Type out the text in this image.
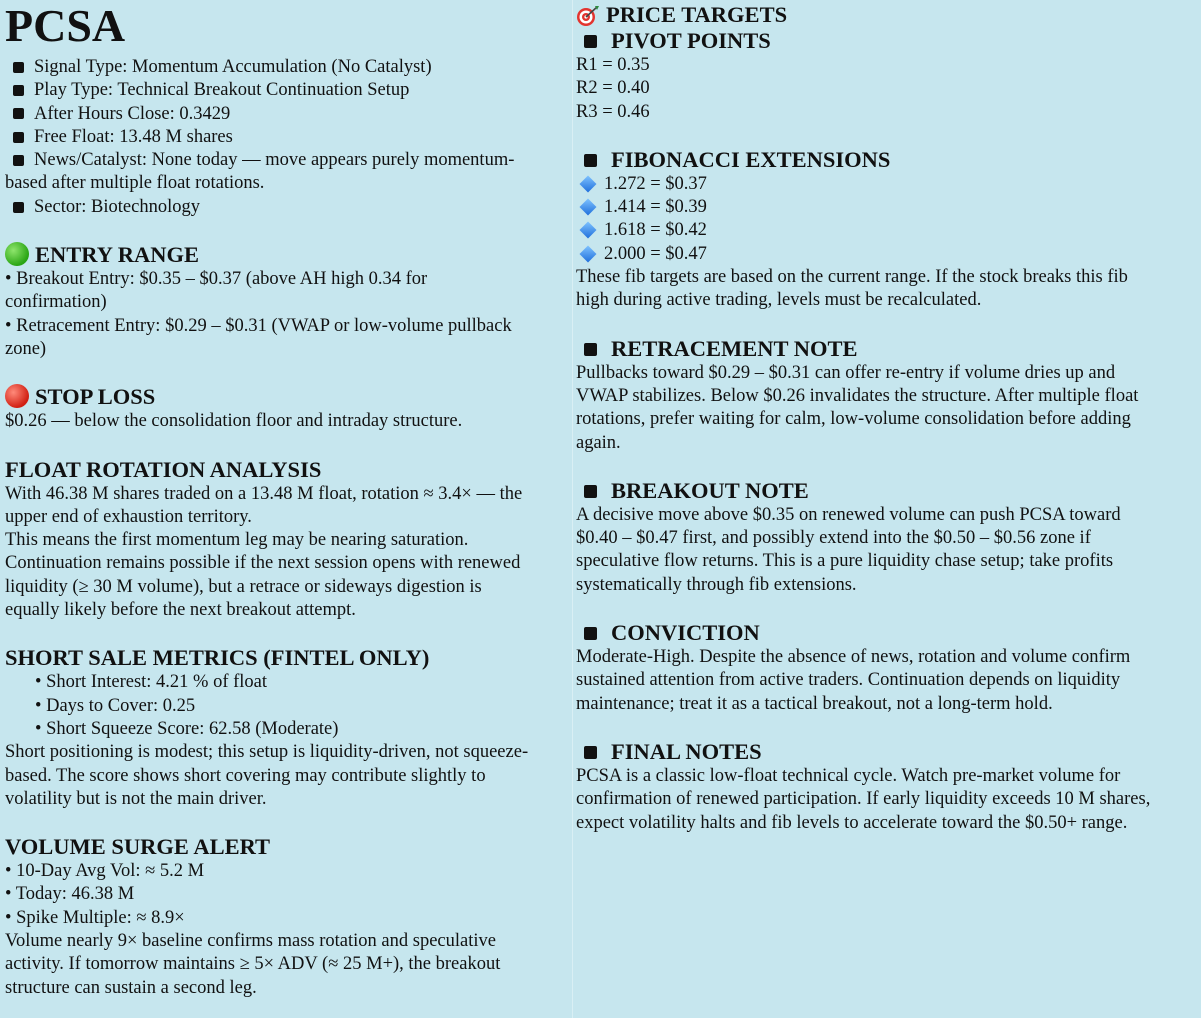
PCSA
Signal Type: Momentum Accumulation (No Catalyst)
Play Type: Technical Breakout Continuation Setup
After Hours Close: 0.3429
Free Float: 13.48 M shares
News/Catalyst: None today — move appears purely momentum-
based after multiple float rotations.
Sector: Biotechnology
ENTRY RANGE
• Breakout Entry: $0.35 – $0.37 (above AH high 0.34 for
confirmation)
• Retracement Entry: $0.29 – $0.31 (VWAP or low-volume pullback
zone)
STOP LOSS
$0.26 — below the consolidation floor and intraday structure.
FLOAT ROTATION ANALYSIS
With 46.38 M shares traded on a 13.48 M float, rotation ≈ 3.4× — the
upper end of exhaustion territory.
This means the first momentum leg may be nearing saturation.
Continuation remains possible if the next session opens with renewed
liquidity (≥ 30 M volume), but a retrace or sideways digestion is
equally likely before the next breakout attempt.
SHORT SALE METRICS (FINTEL ONLY)
• Short Interest: 4.21 % of float
• Days to Cover: 0.25
• Short Squeeze Score: 62.58 (Moderate)
Short positioning is modest; this setup is liquidity-driven, not squeeze-
based. The score shows short covering may contribute slightly to
volatility but is not the main driver.
VOLUME SURGE ALERT
• 10-Day Avg Vol: ≈ 5.2 M
• Today: 46.38 M
• Spike Multiple: ≈ 8.9×
Volume nearly 9× baseline confirms mass rotation and speculative
activity. If tomorrow maintains ≥ 5× ADV (≈ 25 M+), the breakout
structure can sustain a second leg.
PRICE TARGETS
PIVOT POINTS
R1 = 0.35
R2 = 0.40
R3 = 0.46
FIBONACCI EXTENSIONS
1.272 = $0.37
1.414 = $0.39
1.618 = $0.42
2.000 = $0.47
These fib targets are based on the current range. If the stock breaks this fib
high during active trading, levels must be recalculated.
RETRACEMENT NOTE
Pullbacks toward $0.29 – $0.31 can offer re-entry if volume dries up and
VWAP stabilizes. Below $0.26 invalidates the structure. After multiple float
rotations, prefer waiting for calm, low-volume consolidation before adding
again.
BREAKOUT NOTE
A decisive move above $0.35 on renewed volume can push PCSA toward
$0.40 – $0.47 first, and possibly extend into the $0.50 – $0.56 zone if
speculative flow returns. This is a pure liquidity chase setup; take profits
systematically through fib extensions.
CONVICTION
Moderate-High. Despite the absence of news, rotation and volume confirm
sustained attention from active traders. Continuation depends on liquidity
maintenance; treat it as a tactical breakout, not a long-term hold.
FINAL NOTES
PCSA is a classic low-float technical cycle. Watch pre-market volume for
confirmation of renewed participation. If early liquidity exceeds 10 M shares,
expect volatility halts and fib levels to accelerate toward the $0.50+ range.
